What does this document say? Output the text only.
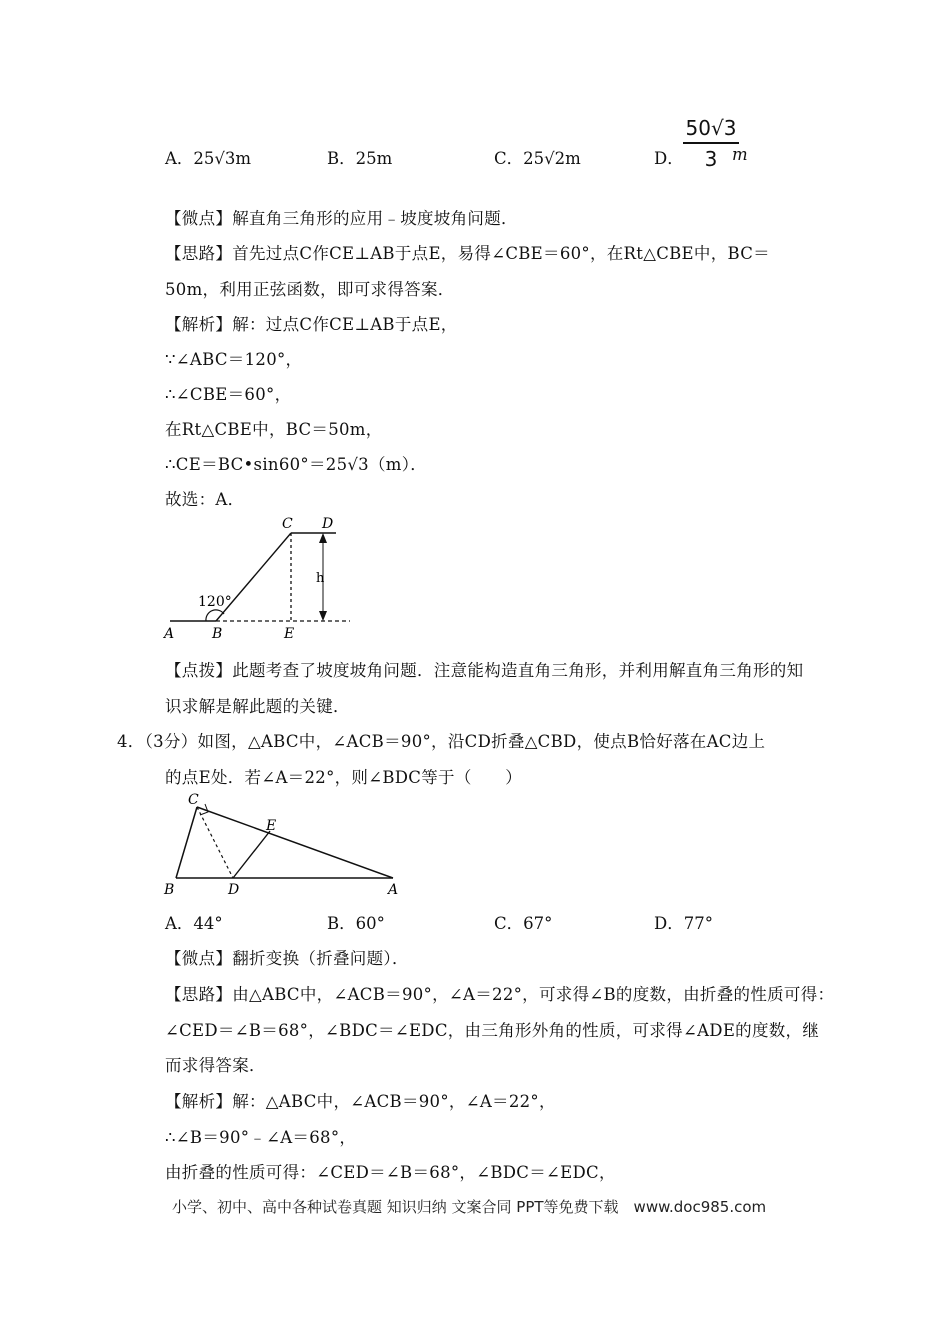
A．25√3m	B．25m	C．25√2m	D．
50√3
3 m
【微点】解直角三角形的应用﹣坡度坡角问题．
【思路】首先过点C作CE⊥AB于点E，易得∠CBE＝60°，在Rt△CBE中，BC＝
50m，利用正弦函数，即可求得答案．
【解析】解：过点C作CE⊥AB于点E，
∵∠ABC＝120°，
∴∠CBE＝60°，
在Rt△CBE中，BC＝50m，
∴CE＝BC•sin60°＝25√3（m）．
故选：A．
A	B	E
C D
120°
h
【点拨】此题考查了坡度坡角问题．注意能构造直角三角形，并利用解直角三角形的知
识求解是解此题的关键．
4．（3分）如图，△ABC中，∠ACB＝90°，沿CD折叠△CBD，使点B恰好落在AC边上
的点E处．若∠A＝22°，则∠BDC等于（　　）
C
E
B	D	A
A．44°	B．60°	C．67°	D．77°
【微点】翻折变换（折叠问题）．
【思路】由△ABC中，∠ACB＝90°，∠A＝22°，可求得∠B的度数，由折叠的性质可得：
∠CED＝∠B＝68°，∠BDC＝∠EDC，由三角形外角的性质，可求得∠ADE的度数，继
而求得答案．
【解析】解：△ABC中，∠ACB＝90°，∠A＝22°，
∴∠B＝90°﹣∠A＝68°，
由折叠的性质可得：∠CED＝∠B＝68°，∠BDC＝∠EDC，
小学、初中、高中各种试卷真题 知识归纳 文案合同 PPT等免费下载　www.doc985.com
